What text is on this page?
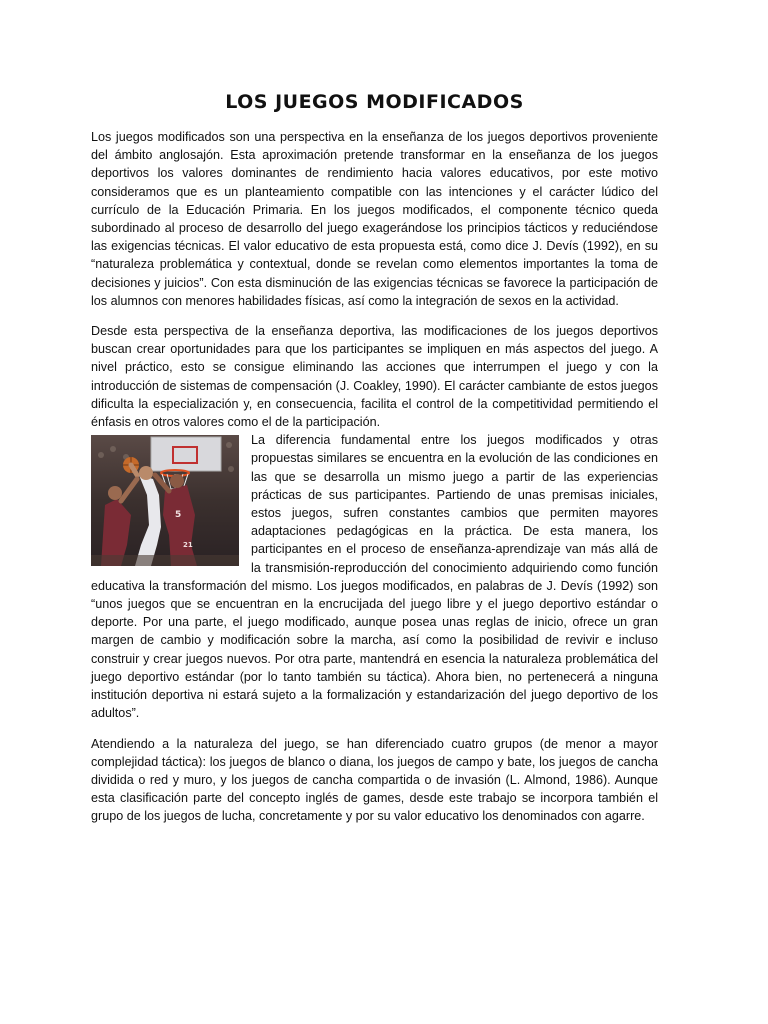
LOS JUEGOS MODIFICADOS

Los juegos modificados son una perspectiva en la enseñanza de los juegos deportivos proveniente del ámbito anglosajón. Esta aproximación pretende transformar en la enseñanza de los juegos deportivos los valores dominantes de rendimiento hacia valores educativos, por este motivo consideramos que es un planteamiento compatible con las intenciones y el carácter lúdico del currículo de la Educación Primaria. En los juegos modificados, el componente técnico queda subordinado al proceso de desarrollo del juego exagerándose los principios tácticos y reduciéndose las exigencias técnicas. El valor educativo de esta propuesta está, como dice J. Devís (1992), en su “naturaleza problemática y contextual, donde se revelan como elementos importantes la toma de decisiones y juicios”. Con esta disminución de las exigencias técnicas se favorece la participación de los alumnos con menores habilidades físicas, así como la integración de sexos en la actividad.

Desde esta perspectiva de la enseñanza deportiva, las modificaciones de los juegos deportivos buscan crear oportunidades para que los participantes se impliquen en más aspectos del juego. A nivel práctico, esto se consigue eliminando las acciones que interrumpen el juego y con la introducción de sistemas de compensación (J. Coakley, 1990). El carácter cambiante de estos juegos dificulta la especialización y, en consecuencia, facilita el control de la competitividad permitiendo el énfasis en otros valores como el de la participación.

5
21

La diferencia fundamental entre los juegos modificados y otras propuestas similares se encuentra en la evolución de las condiciones en las que se desarrolla un mismo juego a partir de las experiencias prácticas de sus participantes. Partiendo de unas premisas iniciales, estos juegos, sufren constantes cambios que permiten mayores adaptaciones pedagógicas en la práctica. De esta manera, los participantes en el proceso de enseñanza-aprendizaje van más allá de la transmisión-reproducción del conocimiento adquiriendo como función educativa la transformación del mismo. Los juegos modificados, en palabras de J. Devís (1992) son “unos juegos que se encuentran en la encrucijada del juego libre y el juego deportivo estándar o deporte. Por una parte, el juego modificado, aunque posea unas reglas de inicio, ofrece un gran margen de cambio y modificación sobre la marcha, así como la posibilidad de revivir e incluso construir y crear juegos nuevos. Por otra parte, mantendrá en esencia la naturaleza problemática del juego deportivo estándar (por lo tanto también su táctica). Ahora bien, no pertenecerá a ninguna institución deportiva ni estará sujeto a la formalización y estandarización del juego deportivo de los adultos”.

Atendiendo a la naturaleza del juego, se han diferenciado cuatro grupos (de menor a mayor complejidad táctica): los juegos de blanco o diana, los juegos de campo y bate, los juegos de cancha dividida o red y muro, y los juegos de cancha compartida o de invasión (L. Almond, 1986). Aunque esta clasificación parte del concepto inglés de games, desde este trabajo se incorpora también el grupo de los juegos de lucha, concretamente y por su valor educativo los denominados con agarre.
